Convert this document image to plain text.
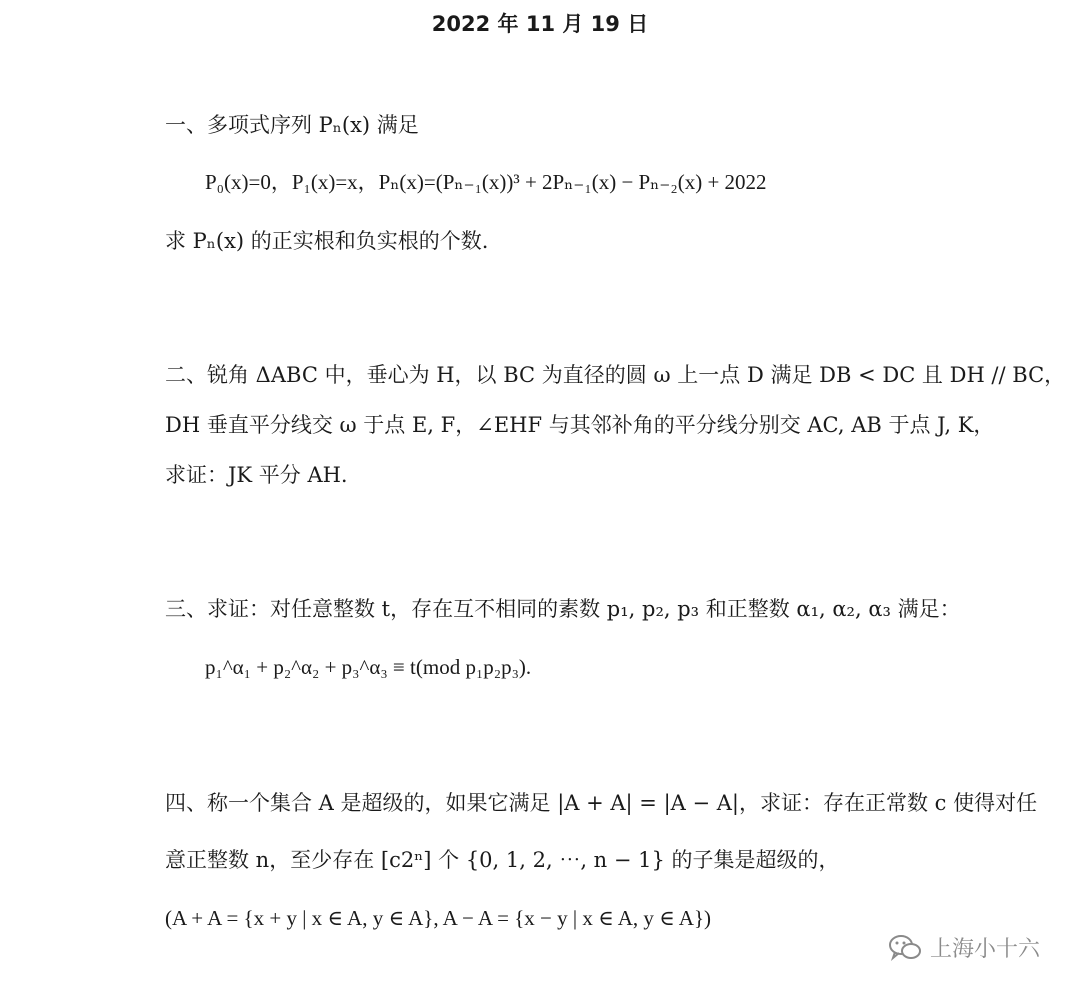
2022 年 11 月 19 日
一、多项式序列 Pₙ(x) 满足
P₀(x)=0，P₁(x)=x，Pₙ(x)=(Pₙ₋₁(x))³ + 2Pₙ₋₁(x) − Pₙ₋₂(x) + 2022
求 Pₙ(x) 的正实根和负实根的个数.
二、锐角 ΔABC 中，垂心为 H，以 BC 为直径的圆 ω 上一点 D 满足 DB < DC 且 DH // BC，
DH 垂直平分线交 ω 于点 E, F，∠EHF 与其邻补角的平分线分别交 AC, AB 于点 J, K，
求证：JK 平分 AH.
三、求证：对任意整数 t，存在互不相同的素数 p₁, p₂, p₃ 和正整数 α₁, α₂, α₃ 满足：
p₁^α₁ + p₂^α₂ + p₃^α₃ ≡ t(mod p₁p₂p₃).
四、称一个集合 A 是超级的，如果它满足 |A + A| = |A − A|，求证：存在正常数 c 使得对任
意正整数 n，至少存在 [c2ⁿ] 个 {0, 1, 2, ⋯, n − 1} 的子集是超级的，
(A + A = {x + y | x ∈ A, y ∈ A}, A − A = {x − y | x ∈ A, y ∈ A})
上海小十六
